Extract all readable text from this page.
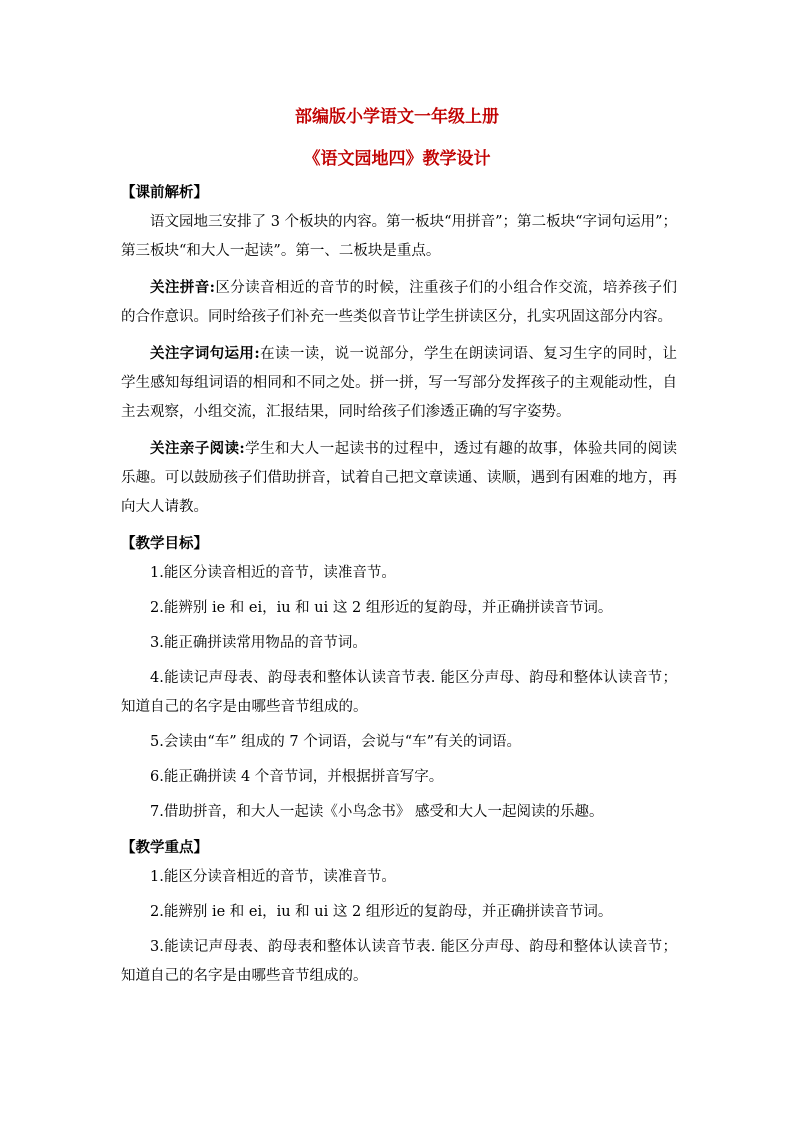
部编版小学语文一年级上册
《语文园地四》教学设计
【课前解析】

语文园地三安排了 3 个板块的内容。第一板块“用拼音”；第二板块“字词句运用”；第三板块“和大人一起读”。第一、二板块是重点。

关注拼音:区分读音相近的音节的时候，注重孩子们的小组合作交流，培养孩子们的合作意识。同时给孩子们补充一些类似音节让学生拼读区分，扎实巩固这部分内容。

关注字词句运用:在读一读，说一说部分，学生在朗读词语、复习生字的同时，让学生感知每组词语的相同和不同之处。拼一拼，写一写部分发挥孩子的主观能动性，自主去观察，小组交流，汇报结果，同时给孩子们渗透正确的写字姿势。

关注亲子阅读:学生和大人一起读书的过程中，透过有趣的故事，体验共同的阅读乐趣。可以鼓励孩子们借助拼音，试着自己把文章读通、读顺，遇到有困难的地方，再向大人请教。

【教学目标】

1.能区分读音相近的音节，读准音节。

2.能辨别 ie 和 ei，iu 和 ui 这 2 组形近的复韵母，并正确拼读音节词。

3.能正确拼读常用物品的音节词。

4.能读记声母表、韵母表和整体认读音节表. 能区分声母、韵母和整体认读音节；知道自己的名字是由哪些音节组成的。

5.会读由“车” 组成的 7 个词语，会说与“车”有关的词语。

6.能正确拼读 4 个音节词，并根据拼音写字。

7.借助拼音，和大人一起读《小鸟念书》 感受和大人一起阅读的乐趣。

【教学重点】

1.能区分读音相近的音节，读准音节。

2.能辨别 ie 和 ei，iu 和 ui 这 2 组形近的复韵母，并正确拼读音节词。

3.能读记声母表、韵母表和整体认读音节表. 能区分声母、韵母和整体认读音节；知道自己的名字是由哪些音节组成的。
